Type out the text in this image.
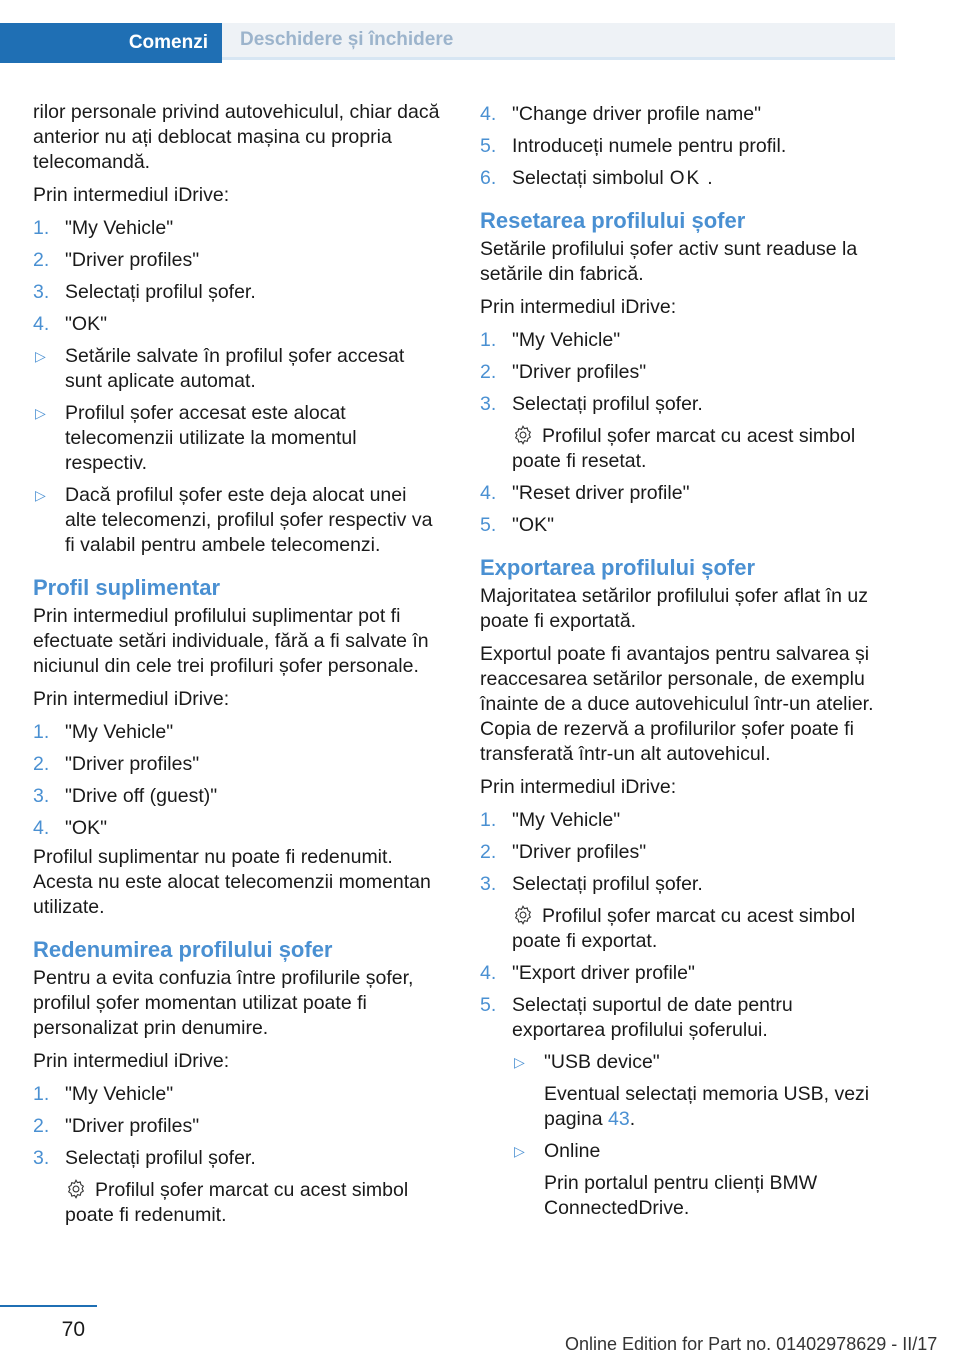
Comenzi	Deschidere și închidere

rilor personale privind autovehiculul, chiar dacă anterior nu ați deblocat mașina cu propria telecomandă.

Prin intermediul iDrive:

1. "My Vehicle"
2. "Driver profiles"
3. Selectați profilul șofer.
4. "OK"
▷ Setările salvate în profilul șofer accesat sunt aplicate automat.
▷ Profilul șofer accesat este alocat telecomenzii utilizate la momentul respectiv.
▷ Dacă profilul șofer este deja alocat unei alte telecomenzi, profilul șofer respectiv va fi valabil pentru ambele telecomenzi.
Profil suplimentar

Prin intermediul profilului suplimentar pot fi efectuate setări individuale, fără a fi salvate în niciunul din cele trei profiluri șofer personale.

Prin intermediul iDrive:

1. "My Vehicle"
2. "Driver profiles"
3. "Drive off (guest)"
4. "OK"

Profilul suplimentar nu poate fi redenumit. Acesta nu este alocat telecomenzii momentan utilizate.

Redenumirea profilului șofer

Pentru a evita confuzia între profilurile șofer, profilul șofer momentan utilizat poate fi personalizat prin denumire.

Prin intermediul iDrive:

1. "My Vehicle"
2. "Driver profiles"
3. Selectați profilul șofer.
Profilul șofer marcat cu acest simbol poate fi redenumit.
4. "Change driver profile name"
5. Introduceți numele pentru profil.
6. Selectați simbolul OK .
Resetarea profilului șofer

Setările profilului șofer activ sunt readuse la setările din fabrică.

Prin intermediul iDrive:

1. "My Vehicle"
2. "Driver profiles"
3. Selectați profilul șofer.
Profilul șofer marcat cu acest simbol poate fi resetat.
4. "Reset driver profile"
5. "OK"
Exportarea profilului șofer

Majoritatea setărilor profilului șofer aflat în uz poate fi exportată.

Exportul poate fi avantajos pentru salvarea și reaccesarea setărilor personale, de exemplu înainte de a duce autovehiculul într-un atelier. Copia de rezervă a profilurilor șofer poate fi transferată într-un alt autovehicul.

Prin intermediul iDrive:

1. "My Vehicle"
2. "Driver profiles"
3. Selectați profilul șofer.
Profilul șofer marcat cu acest simbol poate fi exportat.
4. "Export driver profile"
5. Selectați suportul de date pentru exportarea profilului șoferului.
▷ "USB device"
Eventual selectați memoria USB, vezi pagina 43.
▷ Online
Prin portalul pentru clienți BMW ConnectedDrive.
70
Online Edition for Part no. 01402978629 - II/17
